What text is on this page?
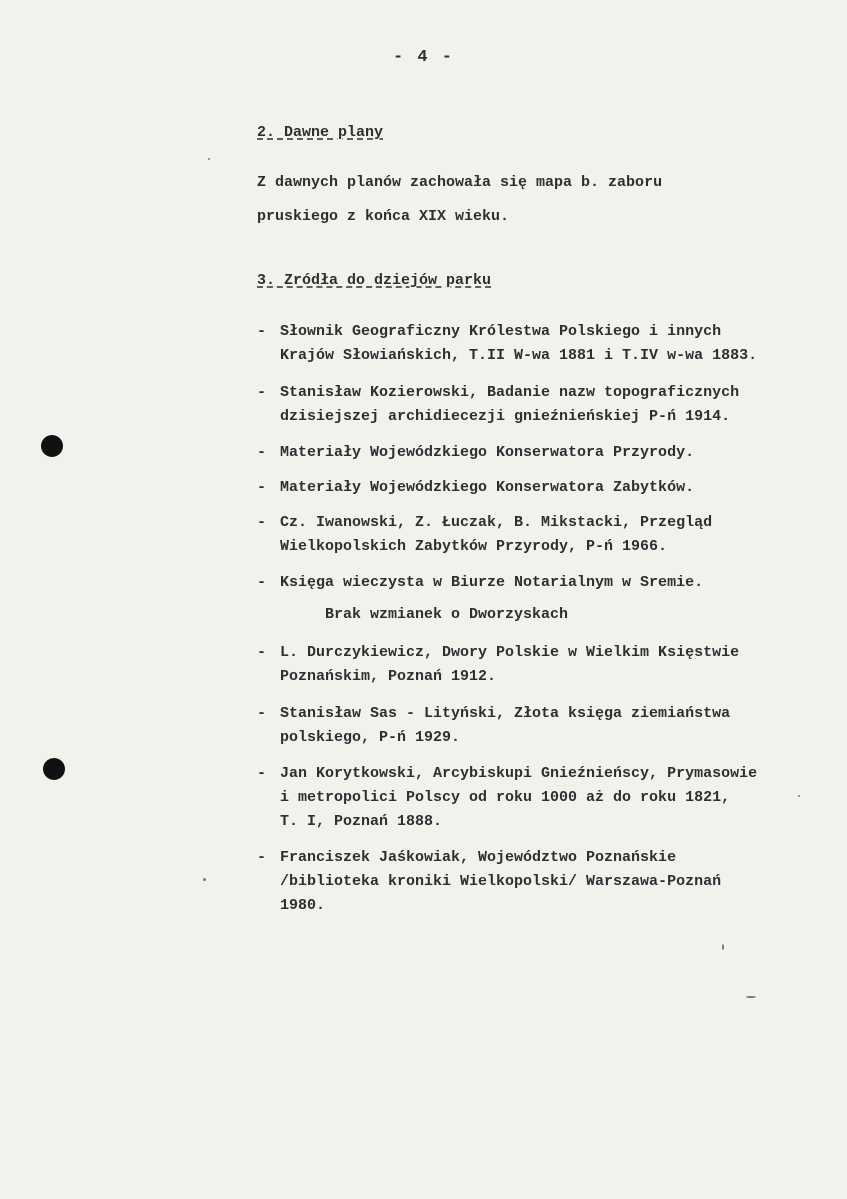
- 4 -
2. Dawne plany
Z dawnych planów zachowała się mapa b. zaboru
pruskiego z końca XIX wieku.
3. Zródła do dziejów parku
- Słownik Geograficzny Królestwa Polskiego i innych
Krajów Słowiańskich, T.II W-wa 1881 i T.IV w-wa 1883.
- Stanisław Kozierowski, Badanie nazw topograficznych
dzisiejszej archidiecezji gnieźnieńskiej P-ń 1914.
- Materiały Wojewódzkiego Konserwatora Przyrody.
- Materiały Wojewódzkiego Konserwatora Zabytków.
- Cz. Iwanowski, Z. Łuczak, B. Mikstacki, Przegląd
Wielkopolskich Zabytków Przyrody, P-ń 1966.
- Księga wieczysta w Biurze Notarialnym w Sremie.
- L. Durczykiewicz, Dwory Polskie w Wielkim Księstwie
Poznańskim, Poznań 1912.
- Stanisław Sas - Lityński, Złota księga ziemiaństwa
polskiego, P-ń 1929.
- Jan Korytkowski, Arcybiskupi Gnieźnieńscy, Prymasowie
i metropolici Polscy od roku 1000 aż do roku 1821,
T. I, Poznań 1888.
- Franciszek Jaśkowiak, Województwo Poznańskie
/biblioteka kroniki Wielkopolski/ Warszawa-Poznań
1980.
Brak wzmianek o Dworzyskach
